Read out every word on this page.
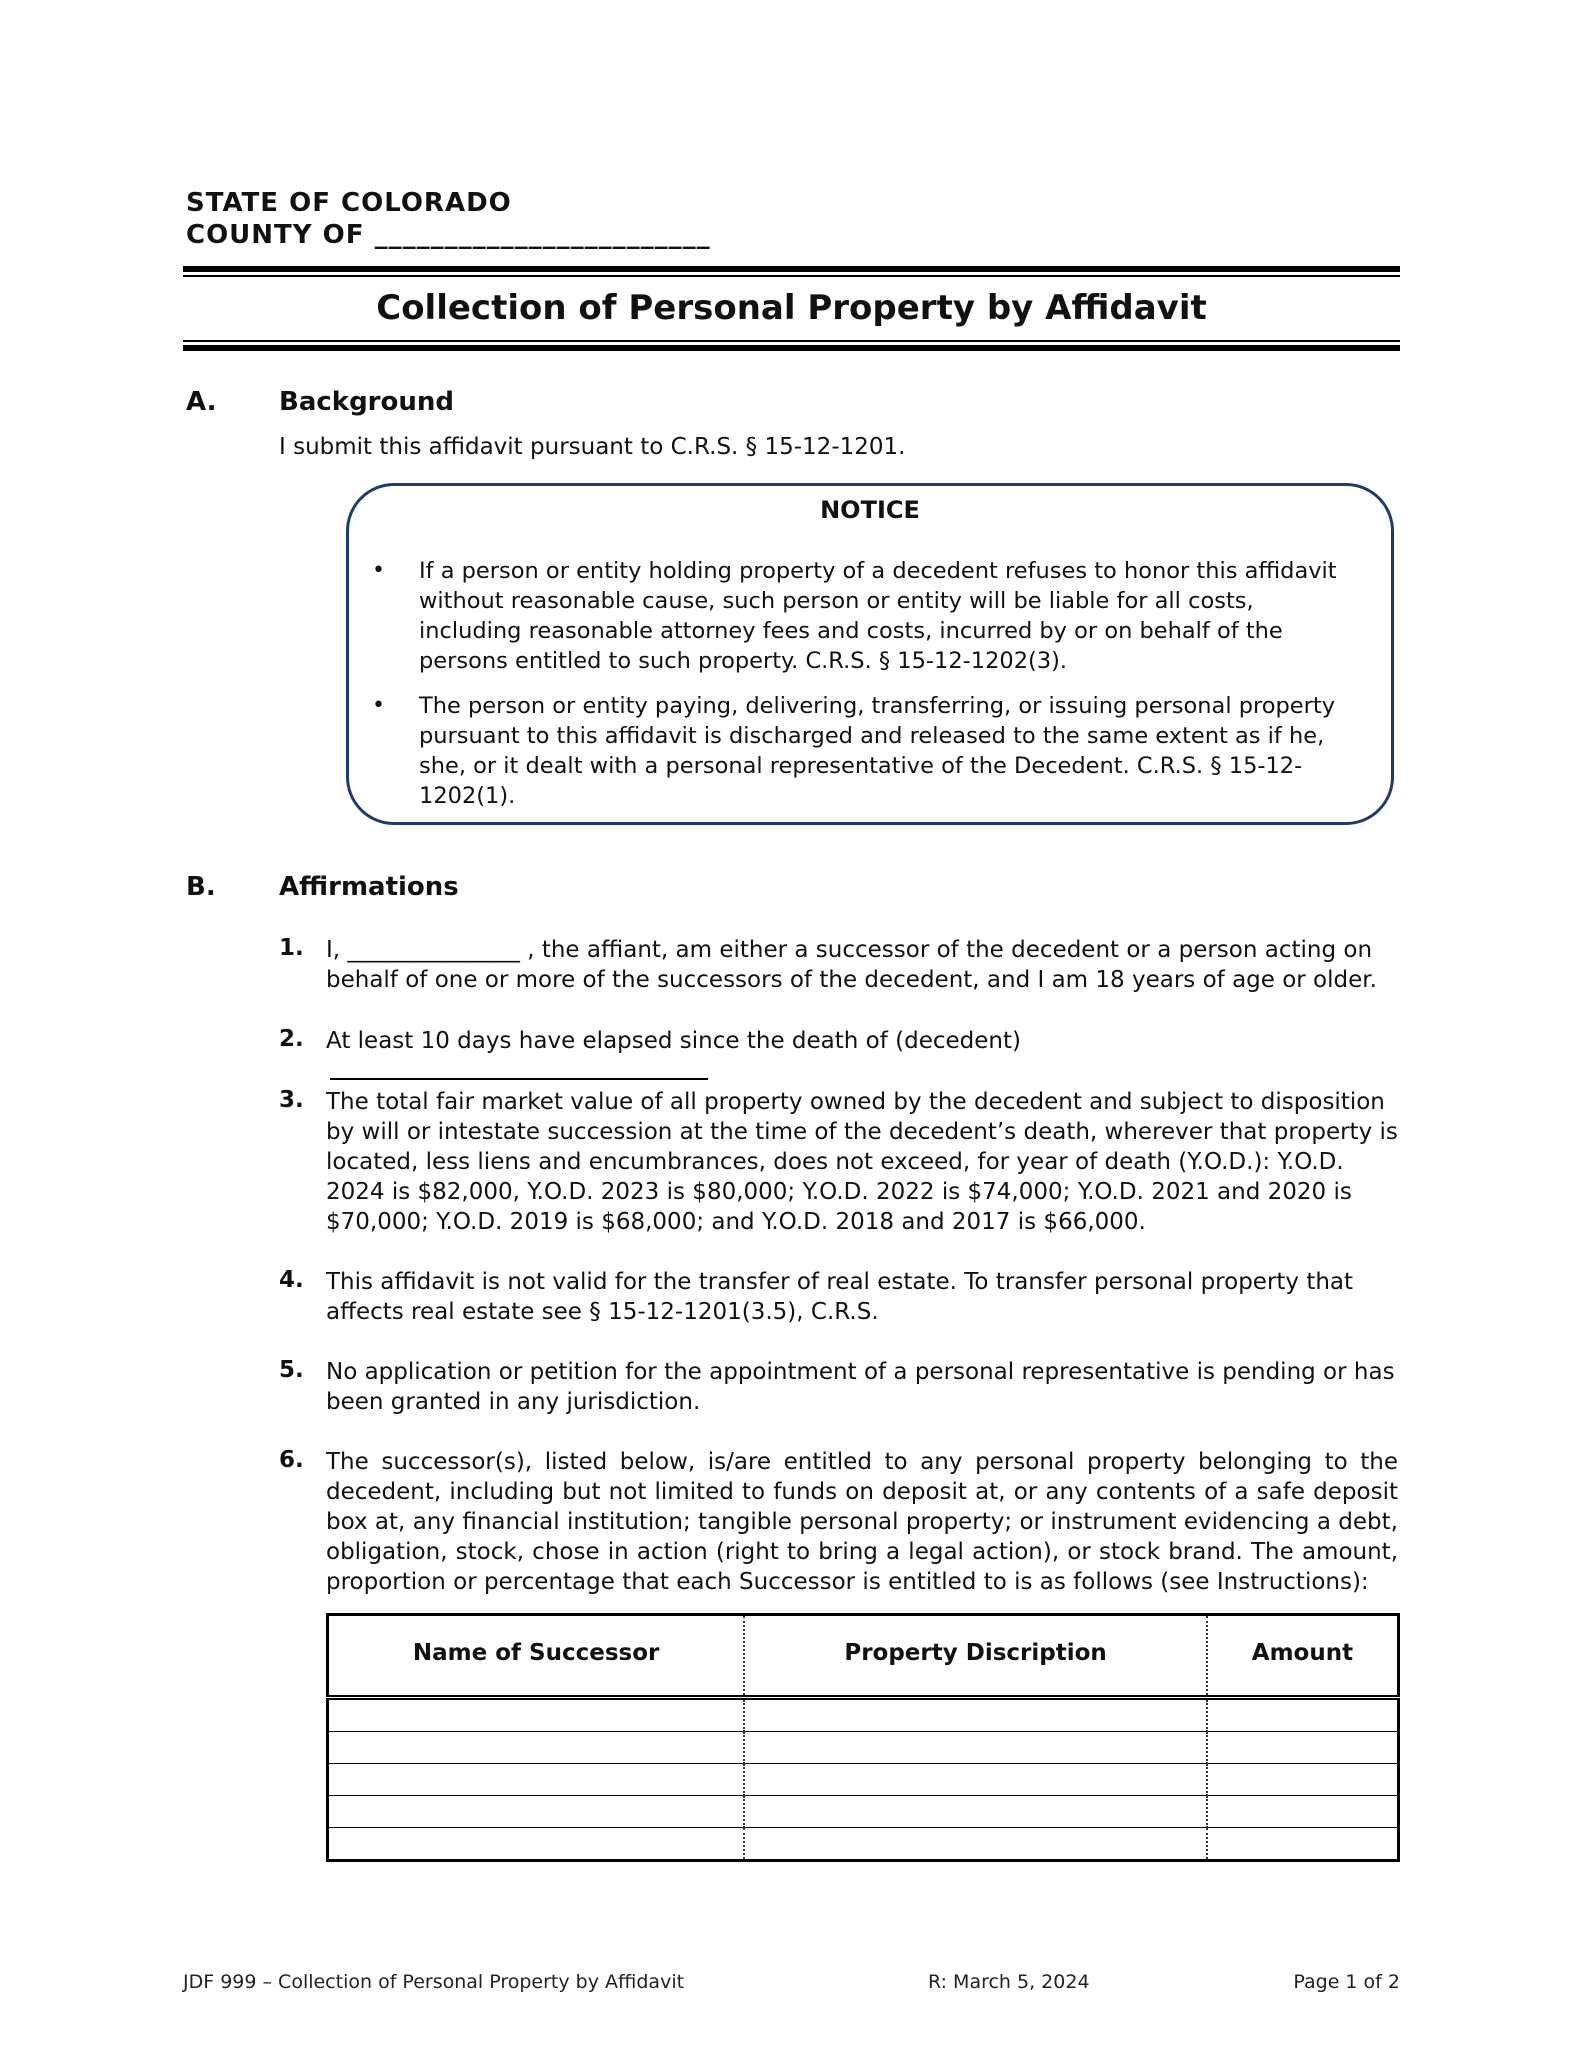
STATE OF COLORADO
COUNTY OF ________________________
Collection of Personal Property by Affidavit
A. Background
I submit this affidavit pursuant to C.R.S. § 15-12-1201.
NOTICE
• If a person or entity holding property of a decedent refuses to honor this affidavit without reasonable cause, such person or entity will be liable for all costs, including reasonable attorney fees and costs, incurred by or on behalf of the persons entitled to such property. C.R.S. § 15-12-1202(3).
• The person or entity paying, delivering, transferring, or issuing personal property pursuant to this affidavit is discharged and released to the same extent as if he, she, or it dealt with a personal representative of the Decedent. C.R.S. § 15-12-1202(1).
B. Affirmations
1. I, _______________ , the affiant, am either a successor of the decedent or a person acting on behalf of one or more of the successors of the decedent, and I am 18 years of age or older.
2. At least 10 days have elapsed since the death of (decedent)
3. The total fair market value of all property owned by the decedent and subject to disposition by will or intestate succession at the time of the decedent’s death, wherever that property is located, less liens and encumbrances, does not exceed, for year of death (Y.O.D.): Y.O.D. 2024 is $82,000, Y.O.D. 2023 is $80,000; Y.O.D. 2022 is $74,000; Y.O.D. 2021 and 2020 is $70,000; Y.O.D. 2019 is $68,000; and Y.O.D. 2018 and 2017 is $66,000.
4. This affidavit is not valid for the transfer of real estate. To transfer personal property that affects real estate see § 15-12-1201(3.5), C.R.S.
5. No application or petition for the appointment of a personal representative is pending or has been granted in any jurisdiction.
6. The successor(s), listed below, is/are entitled to any personal property belonging to the decedent, including but not limited to funds on deposit at, or any contents of a safe deposit box at, any financial institution; tangible personal property; or instrument evidencing a debt, obligation, stock, chose in action (right to bring a legal action), or stock brand. The amount, proportion or percentage that each Successor is entitled to is as follows (see Instructions):
Name of Successor	Property Discription	Amount

JDF 999 – Collection of Personal Property by Affidavit	R: March 5, 2024	Page 1 of 2
